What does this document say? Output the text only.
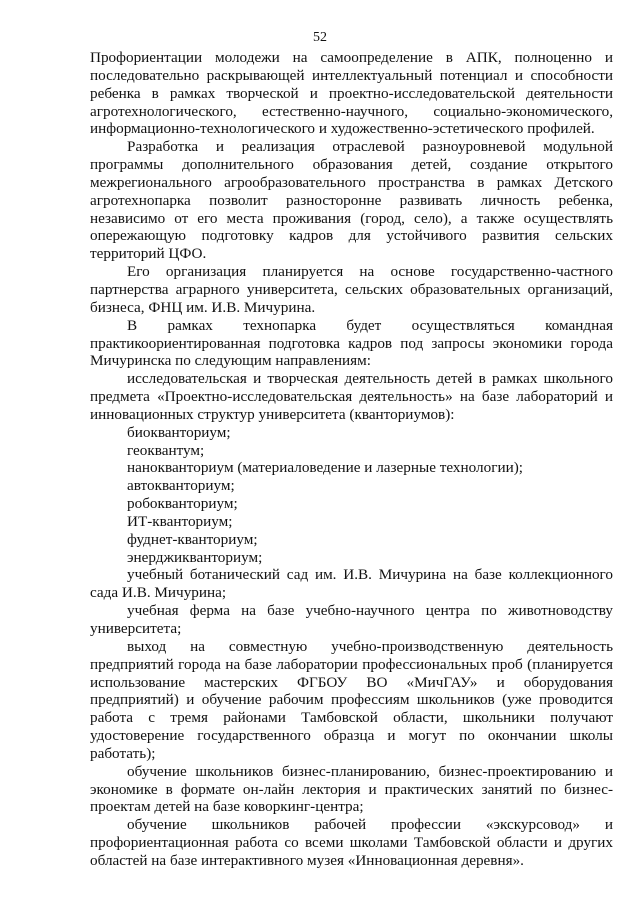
52

Профориентации молодежи на самоопределение в АПК, полноценно и последовательно раскрывающей интеллектуальный потенциал и способности ребенка в рамках творческой и проектно-исследовательской деятельности агротехнологического, естественно-научного, социально-экономического, информационно-технологического и художественно-эстетического профилей.

Разработка и реализация отраслевой разноуровневой модульной программы дополнительного образования детей, создание открытого межрегионального агрообразовательного пространства в рамках Детского агротехнопарка позволит разносторонне развивать личность ребенка, независимо от его места проживания (город, село), а также осуществлять опережающую подготовку кадров для устойчивого развития сельских территорий ЦФО.

Его организация планируется на основе государственно-частного партнерства аграрного университета, сельских образовательных организаций, бизнеса, ФНЦ им. И.В. Мичурина.

В рамках технопарка будет осуществляться командная практикоориентированная подготовка кадров под запросы экономики города Мичуринска по следующим направлениям:

исследовательская и творческая деятельность детей в рамках школьного предмета «Проектно-исследовательская деятельность» на базе лабораторий и инновационных структур университета (кванториумов):

биокванториум;

геоквантум;

нанокванториум (материаловедение и лазерные технологии);

автокванториум;

робокванториум;

ИТ-кванториум;

фуднет-кванториум;

энерджикванториум;

учебный ботанический сад им. И.В. Мичурина на базе коллекционного сада И.В. Мичурина;

учебная ферма на базе учебно-научного центра по животноводству университета;

выход на совместную учебно-производственную деятельность предприятий города на базе лаборатории профессиональных проб (планируется использование мастерских ФГБОУ ВО «МичГАУ» и оборудования предприятий) и обучение рабочим профессиям школьников (уже проводится работа с тремя районами Тамбовской области, школьники получают удостоверение государственного образца и могут по окончании школы работать);

обучение школьников бизнес-планированию, бизнес-проектированию и экономике в формате он-лайн лектория и практических занятий по бизнес-проектам детей на базе коворкинг-центра;

обучение школьников рабочей профессии «экскурсовод» и профориентационная работа со всеми школами Тамбовской области и других областей на базе интерактивного музея «Инновационная деревня».
